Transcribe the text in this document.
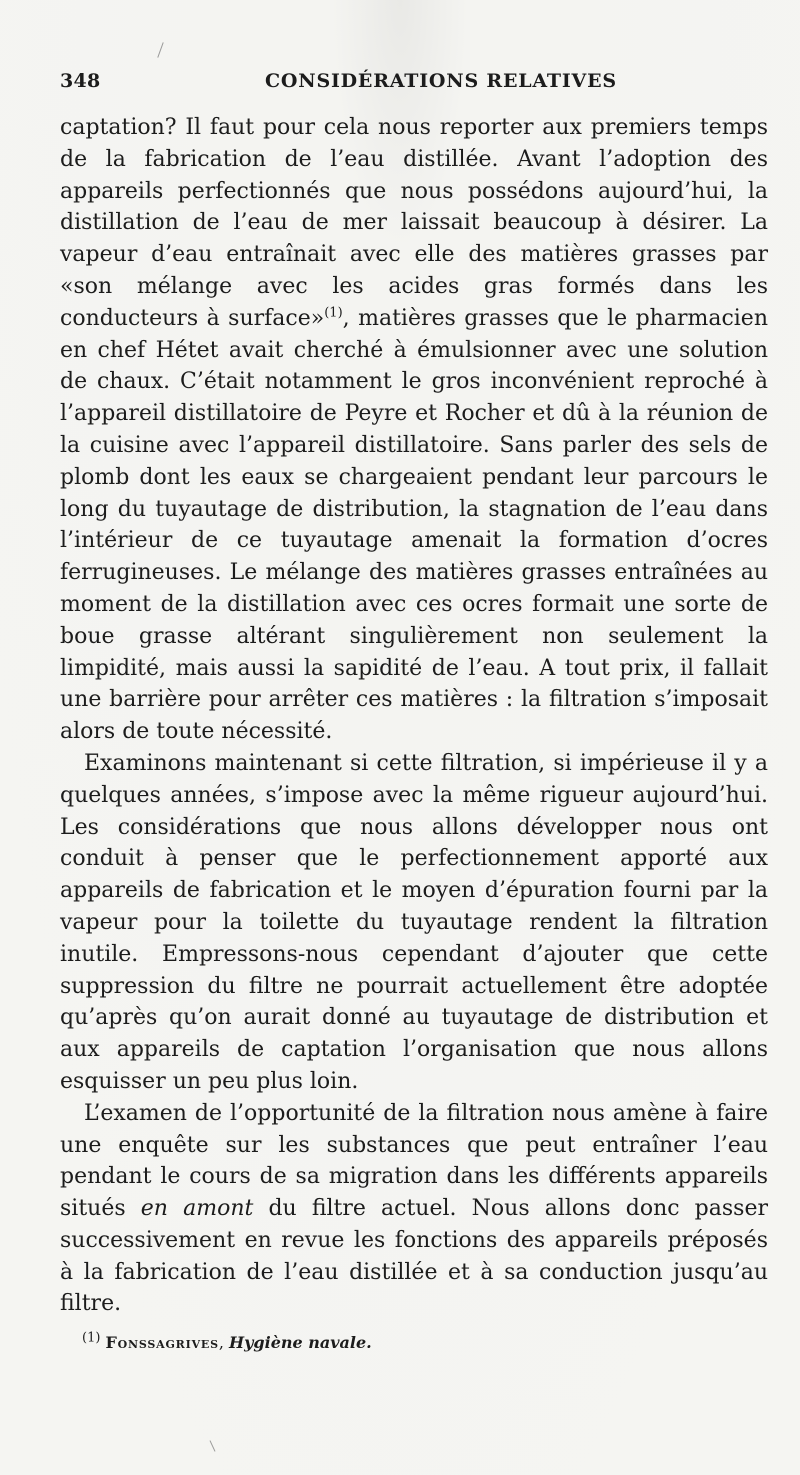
348	CONSIDÉRATIONS RELATIVES

captation? Il faut pour cela nous reporter aux premiers temps de la fabrication de l’eau distillée. Avant l’adoption des appareils perfectionnés que nous possédons aujourd’hui, la distillation de l’eau de mer laissait beaucoup à désirer. La vapeur d’eau entraînait avec elle des matières grasses par «son mélange avec les acides gras formés dans les conducteurs à surface»$^{(1)}$, matières grasses que le pharmacien en chef Hétet avait cherché à émulsionner avec une solution de chaux. C’était notamment le gros inconvénient reproché à l’appareil distillatoire de Peyre et Rocher et dû à la réunion de la cuisine avec l’appareil distillatoire. Sans parler des sels de plomb dont les eaux se chargeaient pendant leur parcours le long du tuyautage de distribution, la stagnation de l’eau dans l’intérieur de ce tuyautage amenait la formation d’ocres ferrugineuses. Le mélange des matières grasses entraînées au moment de la distillation avec ces ocres formait une sorte de boue grasse altérant singulièrement non seulement la limpidité, mais aussi la sapidité de l’eau. A tout prix, il fallait une barrière pour arrêter ces matières : la filtration s’imposait alors de toute nécessité.

Examinons maintenant si cette filtration, si impérieuse il y a quelques années, s’impose avec la même rigueur aujourd’hui. Les considérations que nous allons développer nous ont conduit à penser que le perfectionnement apporté aux appareils de fabrication et le moyen d’épuration fourni par la vapeur pour la toilette du tuyautage rendent la filtration inutile. Empressons-nous cependant d’ajouter que cette suppression du filtre ne pourrait actuellement être adoptée qu’après qu’on aurait donné au tuyautage de distribution et aux appareils de captation l’organisation que nous allons esquisser un peu plus loin.

L’examen de l’opportunité de la filtration nous amène à faire une enquête sur les substances que peut entraîner l’eau pendant le cours de sa migration dans les différents appareils situés en amont du filtre actuel. Nous allons donc passer successivement en revue les fonctions des appareils préposés à la fabrication de l’eau distillée et à sa conduction jusqu’au filtre.

$^{(1)}$ Fonssagrives, Hygiène navale.
